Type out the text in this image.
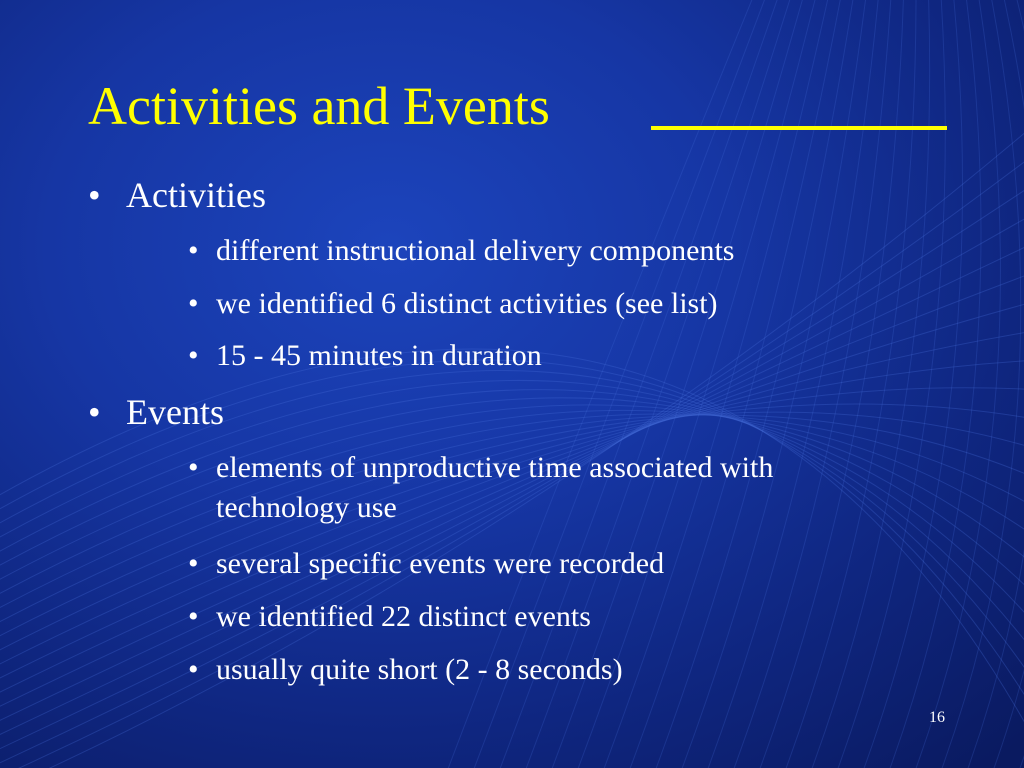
Activities and Events
• Activities
• different instructional delivery components
• we identified 6 distinct activities (see list)
• 15 - 45 minutes in duration
• Events
• elements of unproductive time associated with technology use
• several specific events were recorded
• we identified 22 distinct events
• usually quite short (2 - 8 seconds)
16
